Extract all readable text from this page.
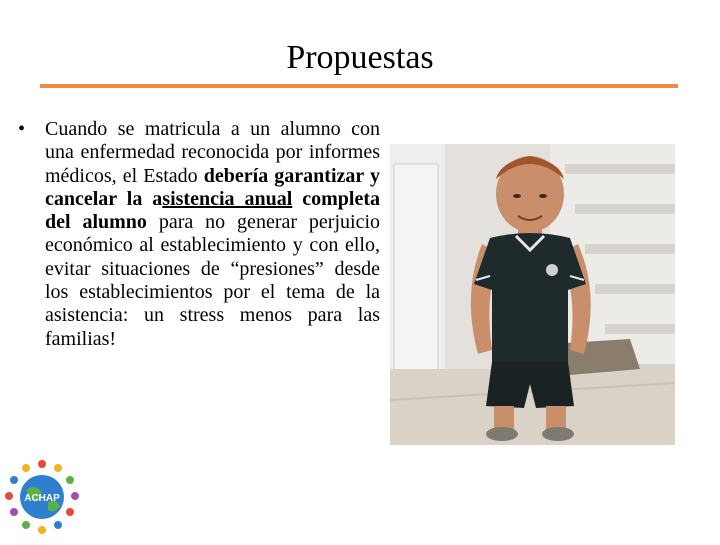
Propuestas
• Cuando se matricula a un alumno con una enfermedad reconocida por informes médicos, el Estado debería garantizar y cancelar la asistencia anual completa del alumno para no generar perjuicio económico al establecimiento y con ello, evitar situaciones de “presiones” desde los establecimientos por el tema de la asistencia: un stress menos para las familias!
ACHAP
